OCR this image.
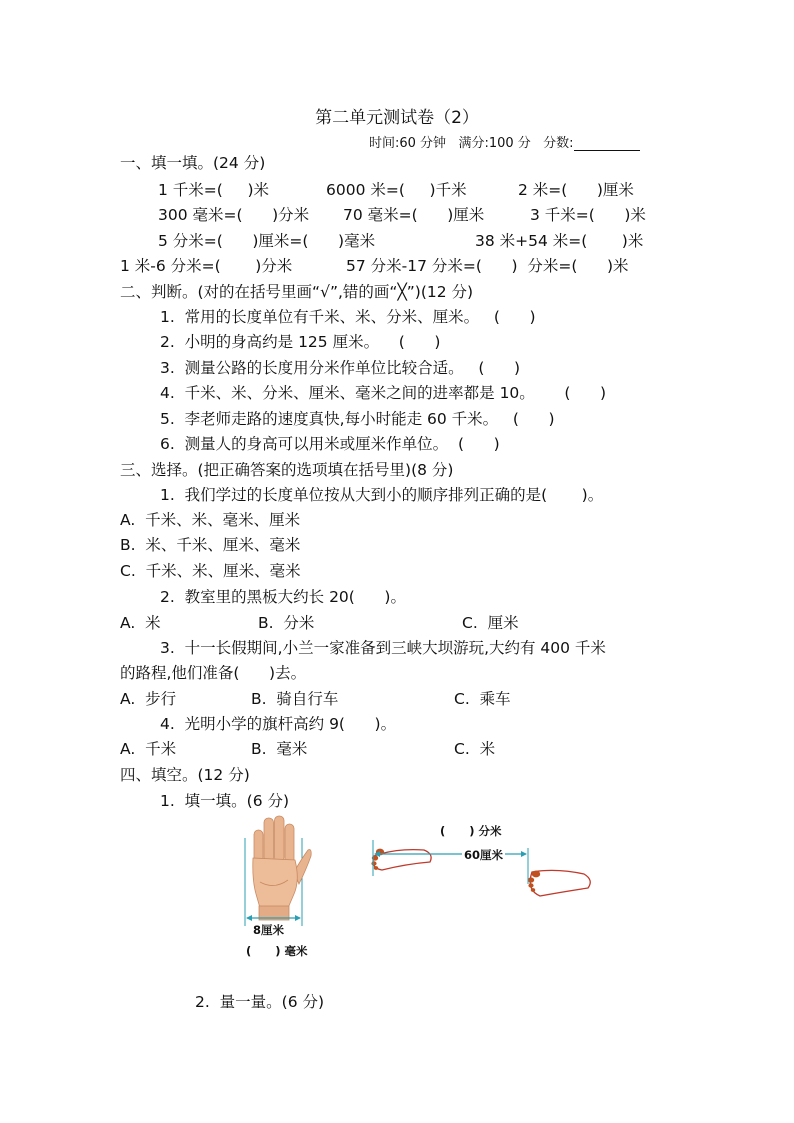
第二单元测试卷（2）
时间:60 分钟   满分:100 分   分数:
一、填一填。(24 分)
1 千米=(     )米	6000 米=(     )千米	2 米=(      )厘米
300 毫米=(      )分米 70 毫米=(      )厘米	3 千米=(      )米
5 分米=(      )厘米=(      )毫米	38 米+54 米=(       )米
1 米-6 分米=(       )分米	57 分米-17 分米=(      )  分米=(      )米
二、判断。(对的在括号里画“√”,错的画“╳”)(12 分)
1.  常用的长度单位有千米、米、分米、厘米。   (      )
2.  小明的身高约是 125 厘米。    (      )
3.  测量公路的长度用分米作单位比较合适。   (      )
4.  千米、米、分米、厘米、毫米之间的进率都是 10。      (      )
5.  李老师走路的速度真快,每小时能走 60 千米。   (      )
6.  测量人的身高可以用米或厘米作单位。  (      )
三、选择。(把正确答案的选项填在括号里)(8 分)
1.  我们学过的长度单位按从大到小的顺序排列正确的是(       )。
A.  千米、米、毫米、厘米
B.  米、千米、厘米、毫米
C.  千米、米、厘米、毫米
2.  教室里的黑板大约长 20(      )。
A.  米	B.  分米	C.  厘米
3.  十一长假期间,小兰一家准备到三峡大坝游玩,大约有 400 千米
的路程,他们准备(      )去。
A.  步行	B.  骑自行车	C.  乘车
4.  光明小学的旗杆高约 9(      )。
A.  千米	B.  毫米	C.  米
四、填空。(12 分)
1.  填一填。(6 分)
8厘米
(      ) 毫米
(      ) 分米
60厘米
2.  量一量。(6 分)
